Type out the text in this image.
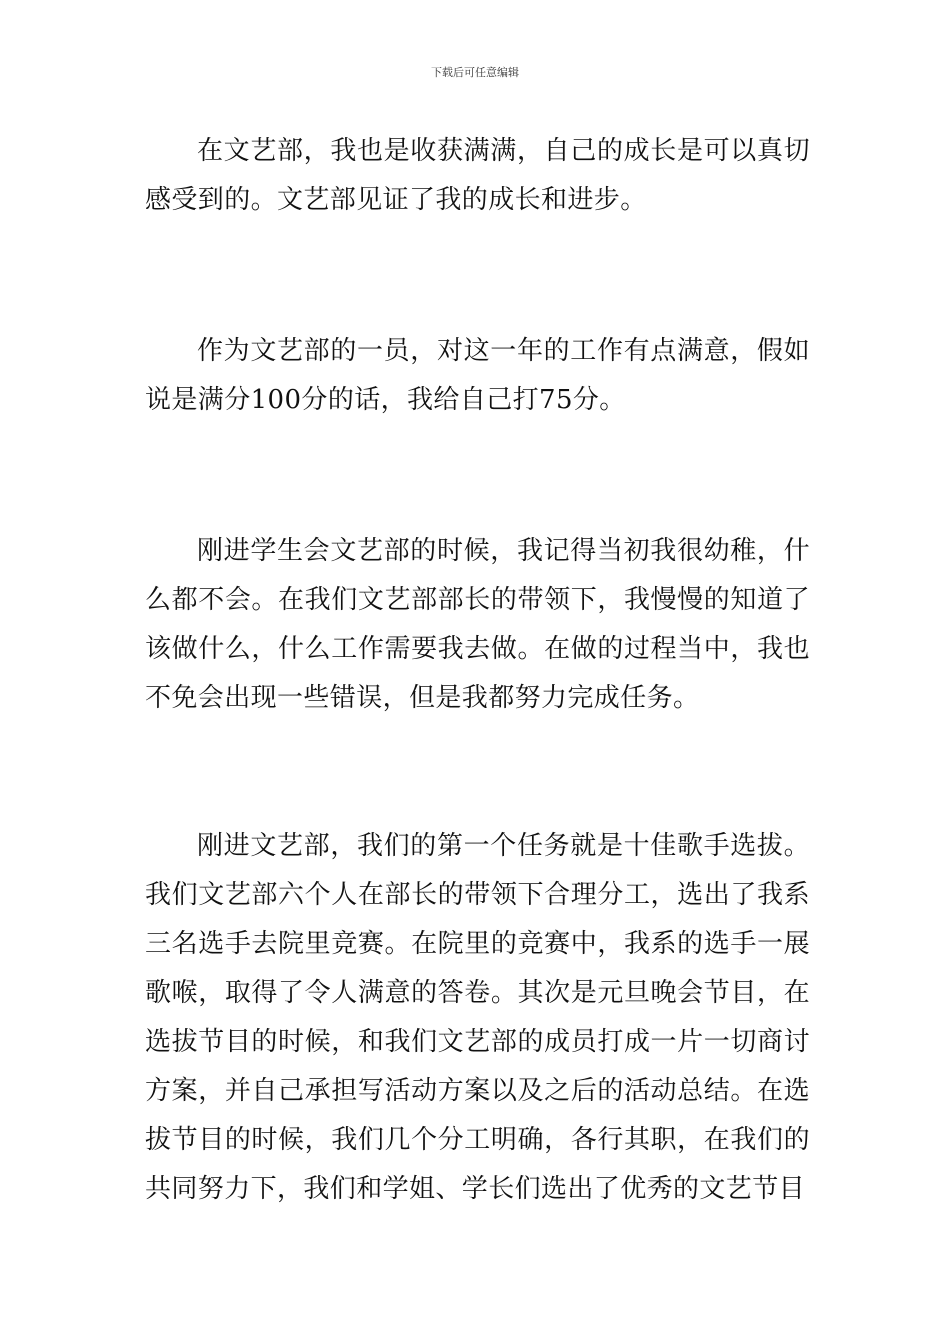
下载后可任意编辑

在文艺部，我也是收获满满，自己的成长是可以真切感受到的。文艺部见证了我的成长和进步。

作为文艺部的一员，对这一年的工作有点满意，假如说是满分100分的话，我给自己打75分。

刚进学生会文艺部的时候，我记得当初我很幼稚，什么都不会。在我们文艺部部长的带领下，我慢慢的知道了该做什么，什么工作需要我去做。在做的过程当中，我也不免会出现一些错误，但是我都努力完成任务。

刚进文艺部，我们的第一个任务就是十佳歌手选拔。我们文艺部六个人在部长的带领下合理分工，选出了我系三名选手去院里竞赛。在院里的竞赛中，我系的选手一展歌喉，取得了令人满意的答卷。其次是元旦晚会节目，在选拔节目的时候，和我们文艺部的成员打成一片一切商讨方案，并自己承担写活动方案以及之后的活动总结。在选拔节目的时候，我们几个分工明确，各行其职，在我们的共同努力下，我们和学姐、学长们选出了优秀的文艺节目
